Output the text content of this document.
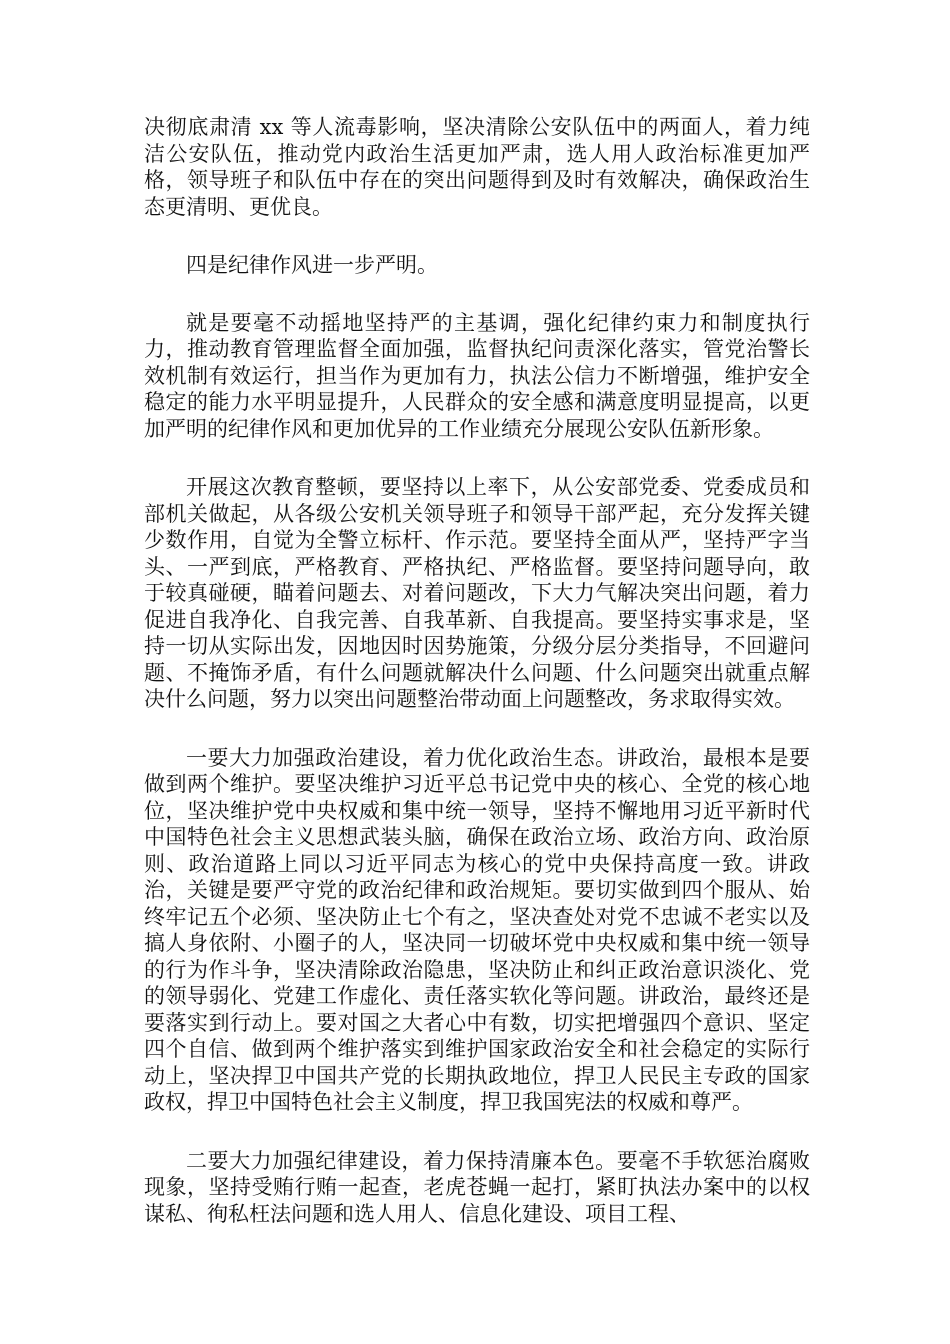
决彻底肃清 xx 等人流毒影响，坚决清除公安队伍中的两面人，着力纯洁公安队伍，推动党内政治生活更加严肃，选人用人政治标准更加严格，领导班子和队伍中存在的突出问题得到及时有效解决，确保政治生态更清明、更优良。

四是纪律作风进一步严明。

就是要毫不动摇地坚持严的主基调，强化纪律约束力和制度执行力，推动教育管理监督全面加强，监督执纪问责深化落实，管党治警长效机制有效运行，担当作为更加有力，执法公信力不断增强，维护安全稳定的能力水平明显提升，人民群众的安全感和满意度明显提高，以更加严明的纪律作风和更加优异的工作业绩充分展现公安队伍新形象。

开展这次教育整顿，要坚持以上率下，从公安部党委、党委成员和部机关做起，从各级公安机关领导班子和领导干部严起，充分发挥关键少数作用，自觉为全警立标杆、作示范。要坚持全面从严，坚持严字当头、一严到底，严格教育、严格执纪、严格监督。要坚持问题导向，敢于较真碰硬，瞄着问题去、对着问题改，下大力气解决突出问题，着力促进自我净化、自我完善、自我革新、自我提高。要坚持实事求是，坚持一切从实际出发，因地因时因势施策，分级分层分类指导，不回避问题、不掩饰矛盾，有什么问题就解决什么问题、什么问题突出就重点解决什么问题，努力以突出问题整治带动面上问题整改，务求取得实效。

一要大力加强政治建设，着力优化政治生态。讲政治，最根本是要做到两个维护。要坚决维护习近平总书记党中央的核心、全党的核心地位，坚决维护党中央权威和集中统一领导，坚持不懈地用习近平新时代中国特色社会主义思想武装头脑，确保在政治立场、政治方向、政治原则、政治道路上同以习近平同志为核心的党中央保持高度一致。讲政治，关键是要严守党的政治纪律和政治规矩。要切实做到四个服从、始终牢记五个必须、坚决防止七个有之，坚决查处对党不忠诚不老实以及搞人身依附、小圈子的人，坚决同一切破坏党中央权威和集中统一领导的行为作斗争，坚决清除政治隐患，坚决防止和纠正政治意识淡化、党的领导弱化、党建工作虚化、责任落实软化等问题。讲政治，最终还是要落实到行动上。要对国之大者心中有数，切实把增强四个意识、坚定四个自信、做到两个维护落实到维护国家政治安全和社会稳定的实际行动上，坚决捍卫中国共产党的长期执政地位，捍卫人民民主专政的国家政权，捍卫中国特色社会主义制度，捍卫我国宪法的权威和尊严。

二要大力加强纪律建设，着力保持清廉本色。要毫不手软惩治腐败现象，坚持受贿行贿一起查，老虎苍蝇一起打，紧盯执法办案中的以权谋私、徇私枉法问题和选人用人、信息化建设、项目工程、
